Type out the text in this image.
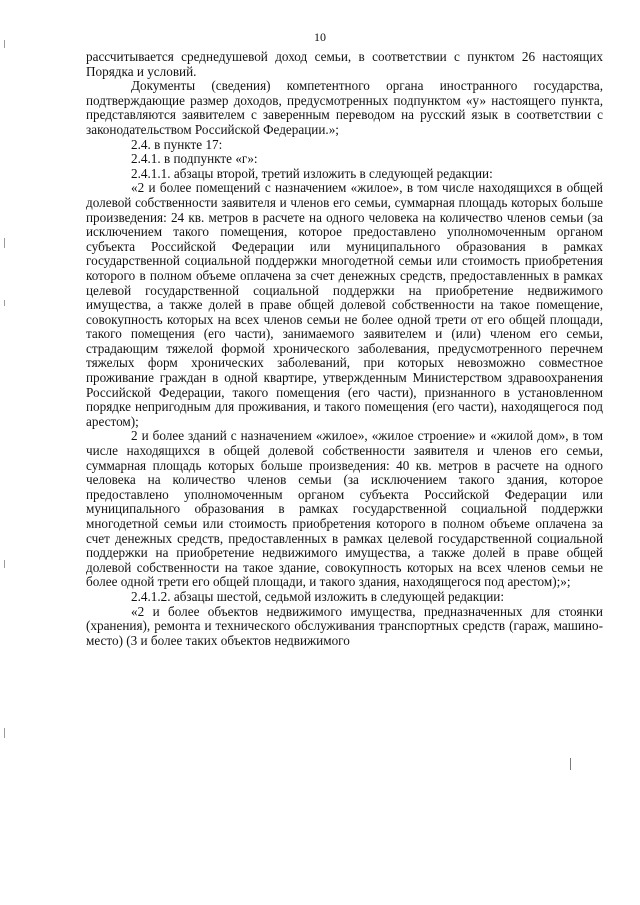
10

рассчитывается среднедушевой доход семьи, в соответствии с пунктом 26 настоящих Порядка и условий.

Документы (сведения) компетентного органа иностранного государства, подтверждающие размер доходов, предусмотренных подпунктом «у» настоящего пункта, представляются заявителем с заверенным переводом на русский язык в соответствии с законодательством Российской Федерации.»;

2.4. в пункте 17:

2.4.1. в подпункте «г»:

2.4.1.1. абзацы второй, третий изложить в следующей редакции:

«2 и более помещений с назначением «жилое», в том числе находящихся в общей долевой собственности заявителя и членов его семьи, суммарная площадь которых больше произведения: 24 кв. метров в расчете на одного человека на количество членов семьи (за исключением такого помещения, которое предоставлено уполномоченным органом субъекта Российской Федерации или муниципального образования в рамках государственной социальной поддержки многодетной семьи или стоимость приобретения которого в полном объеме оплачена за счет денежных средств, предоставленных в рамках целевой государственной социальной поддержки на приобретение недвижимого имущества, а также долей в праве общей долевой собственности на такое помещение, совокупность которых на всех членов семьи не более одной трети от его общей площади, такого помещения (его части), занимаемого заявителем и (или) членом его семьи, страдающим тяжелой формой хронического заболевания, предусмотренного перечнем тяжелых форм хронических заболеваний, при которых невозможно совместное проживание граждан в одной квартире, утвержденным Министерством здравоохранения Российской Федерации, такого помещения (его части), признанного в установленном порядке непригодным для проживания, и такого помещения (его части), находящегося под арестом);

2 и более зданий с назначением «жилое», «жилое строение» и «жилой дом», в том числе находящихся в общей долевой собственности заявителя и членов его семьи, суммарная площадь которых больше произведения: 40 кв. метров в расчете на одного человека на количество членов семьи (за исключением такого здания, которое предоставлено уполномоченным органом субъекта Российской Федерации или муниципального образования в рамках государственной социальной поддержки многодетной семьи или стоимость приобретения которого в полном объеме оплачена за счет денежных средств, предоставленных в рамках целевой государственной социальной поддержки на приобретение недвижимого имущества, а также долей в праве общей долевой собственности на такое здание, совокупность которых на всех членов семьи не более одной трети его общей площади, и такого здания, находящегося под арестом);»;

2.4.1.2. абзацы шестой, седьмой изложить в следующей редакции:

«2 и более объектов недвижимого имущества, предназначенных для стоянки (хранения), ремонта и технического обслуживания транспортных средств (гараж, машино-место) (3 и более таких объектов недвижимого
